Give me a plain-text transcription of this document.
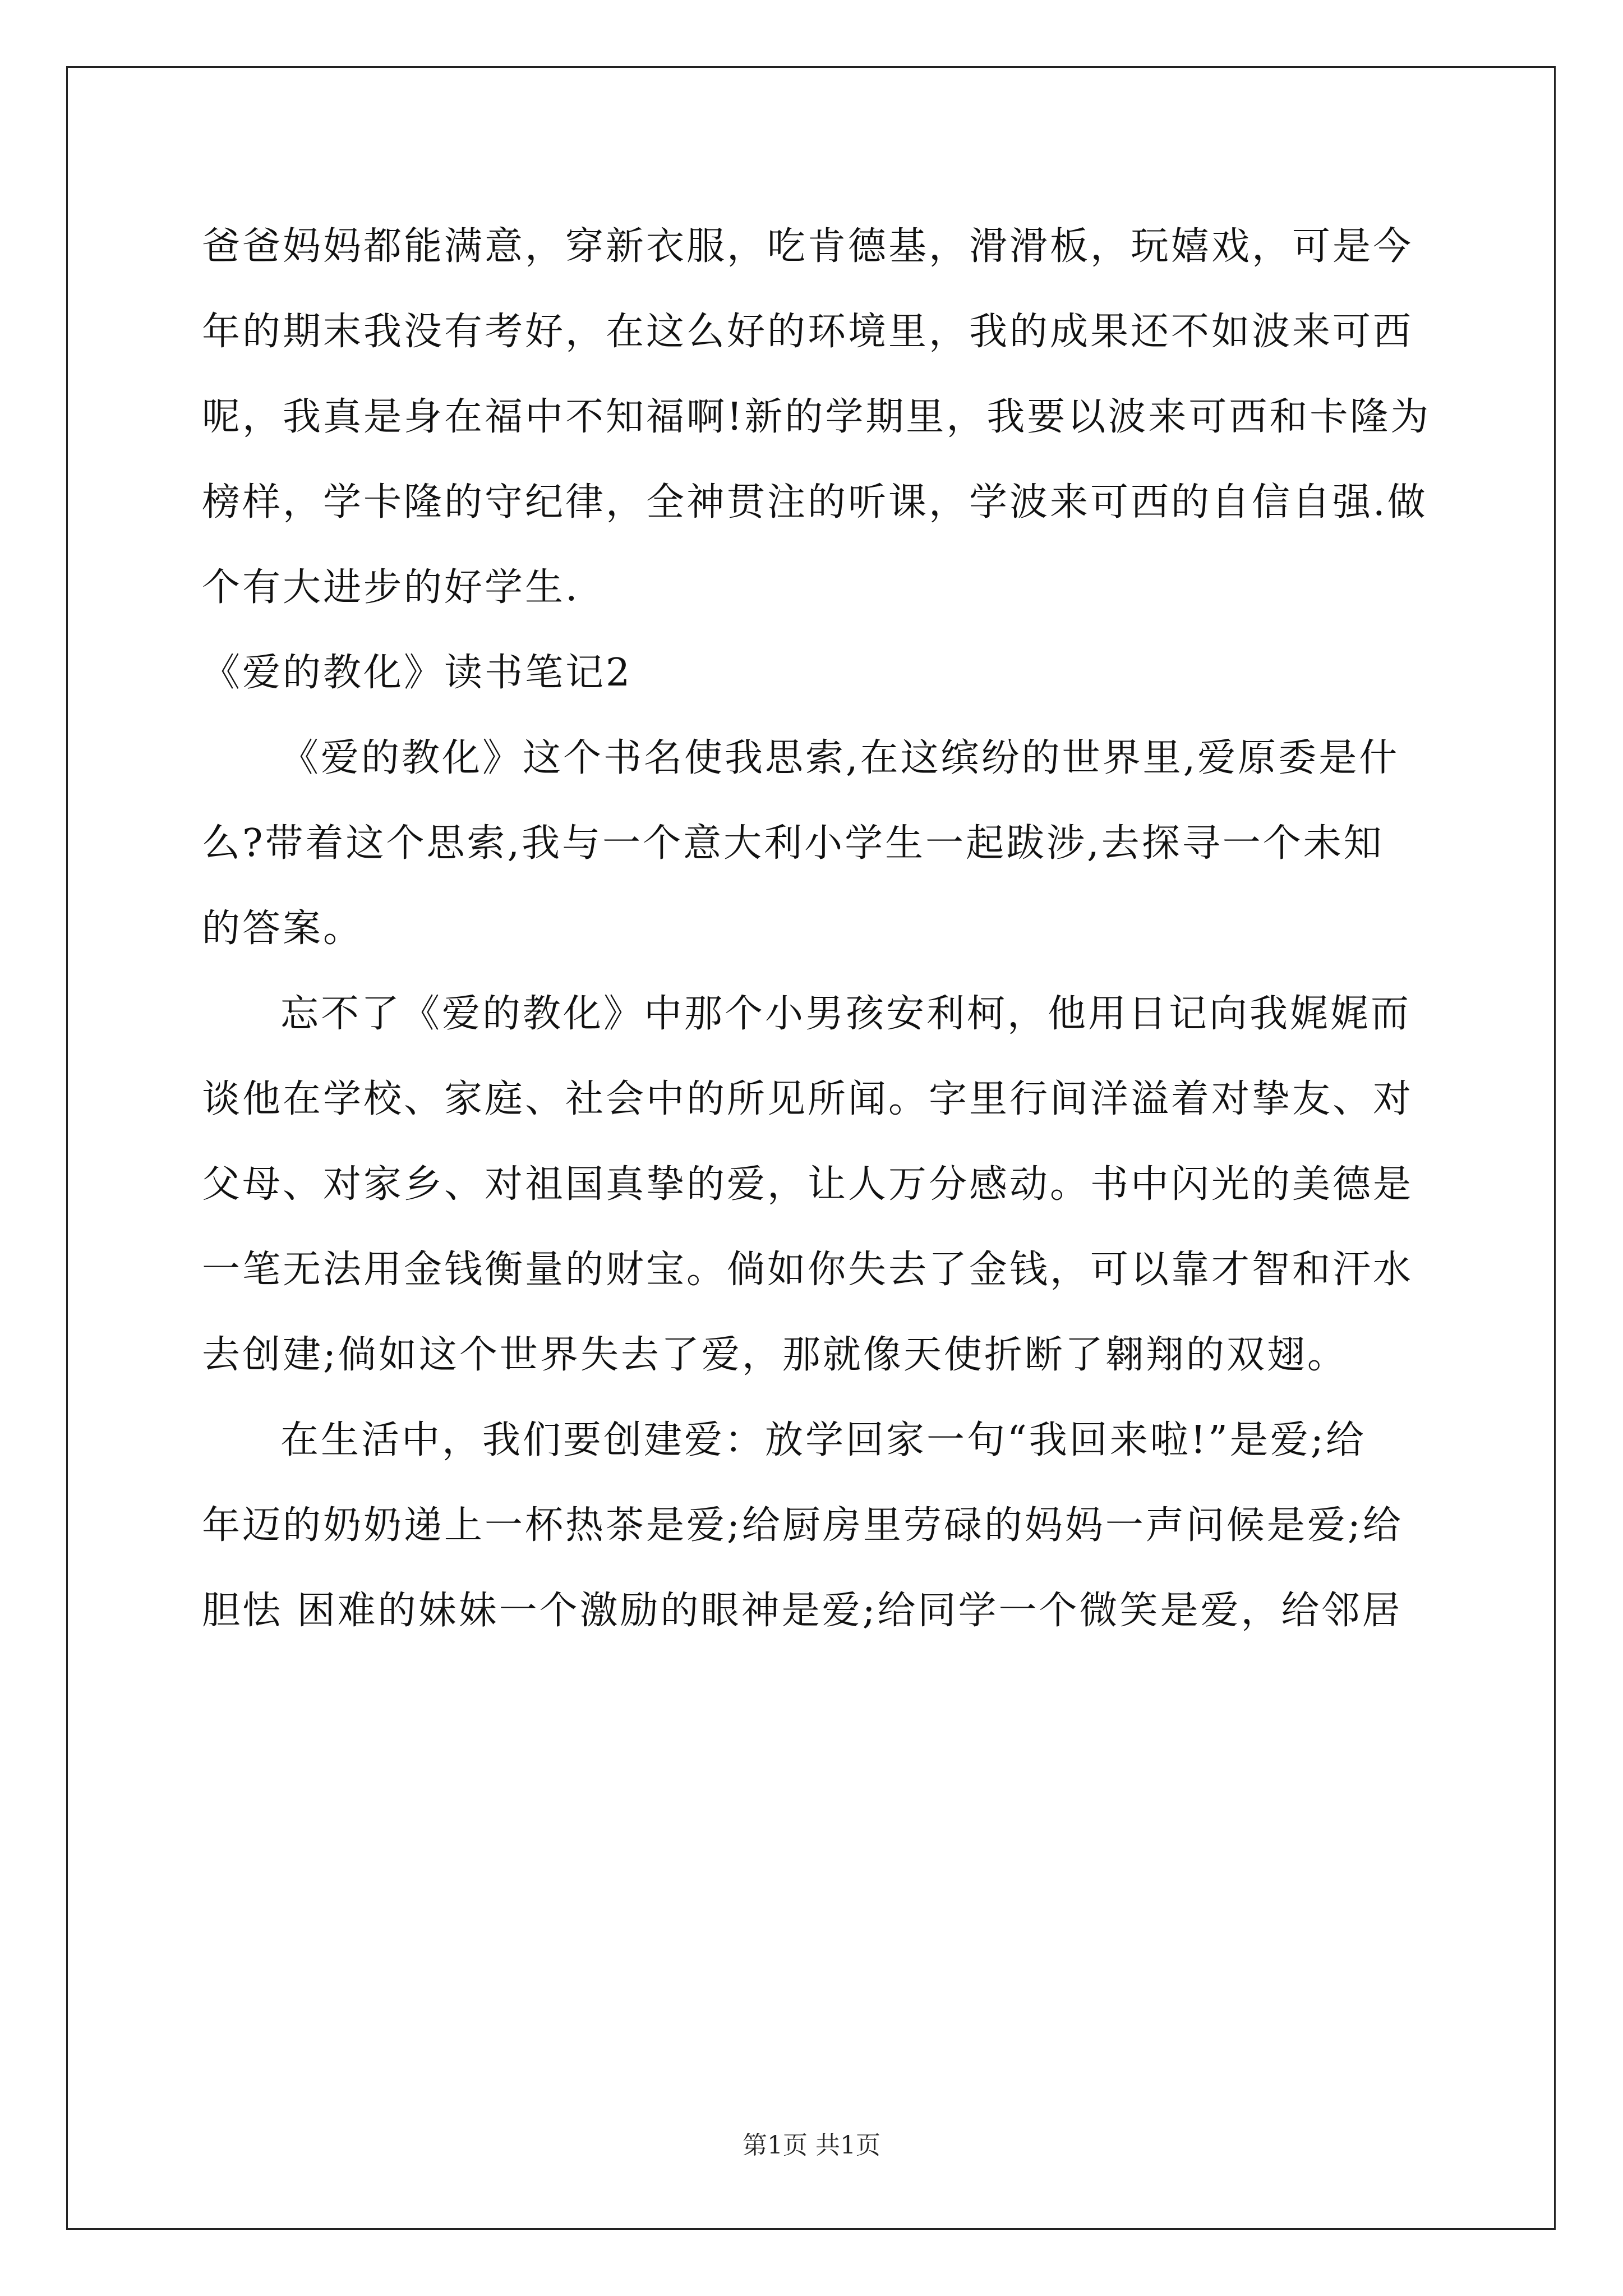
爸爸妈妈都能满意，穿新衣服，吃肯德基，滑滑板，玩嬉戏，可是今
年的期末我没有考好，在这么好的环境里，我的成果还不如波来可西
呢，我真是身在福中不知福啊!新的学期里，我要以波来可西和卡隆为
榜样，学卡隆的守纪律，全神贯注的听课，学波来可西的自信自强.做
个有大进步的好学生.
《爱的教化》读书笔记2
《爱的教化》这个书名使我思索,在这缤纷的世界里,爱原委是什
么?带着这个思索,我与一个意大利小学生一起跋涉,去探寻一个未知
的答案。
忘不了《爱的教化》中那个小男孩安利柯，他用日记向我娓娓而
谈他在学校、家庭、社会中的所见所闻。字里行间洋溢着对挚友、对
父母、对家乡、对祖国真挚的爱，让人万分感动。书中闪光的美德是
一笔无法用金钱衡量的财宝。倘如你失去了金钱，可以靠才智和汗水
去创建;倘如这个世界失去了爱，那就像天使折断了翱翔的双翅。
在生活中，我们要创建爱：放学回家一句“我回来啦!”是爱;给
年迈的奶奶递上一杯热茶是爱;给厨房里劳碌的妈妈一声问候是爱;给
胆怯 困难的妹妹一个激励的眼神是爱;给同学一个微笑是爱，给邻居
第1页 共1页
